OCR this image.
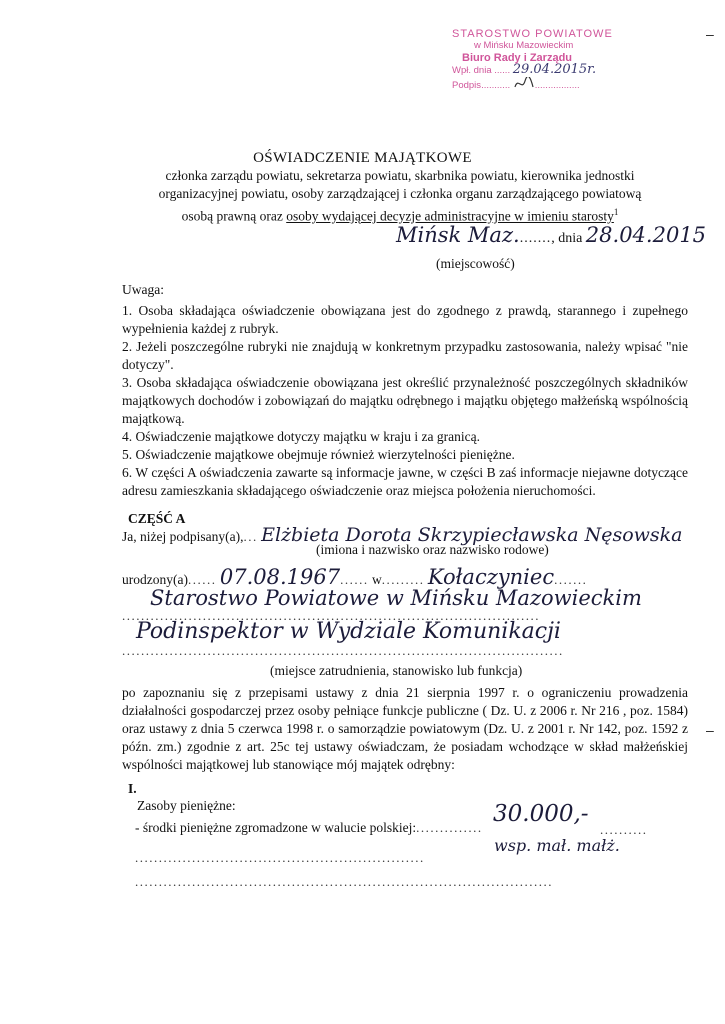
STAROSTWO POWIATOWE
w Mińsku Mazowieckim
Biuro Rady i Zarządu
Wpł. dnia ...... 29.04.2015r.
Podpis...........	.................
–
OŚWIADCZENIE MAJĄTKOWE
członka zarządu powiatu, sekretarza powiatu, skarbnika powiatu, kierownika jednostki
organizacyjnej powiatu, osoby zarządzającej i członka organu zarządzającego powiatową
osobą prawną oraz osoby wydającej decyzje administracyjne w imieniu starosty$^1$
Mińsk Maz........, dnia 28.04.2015
(miejscowość)

Uwaga:

1. Osoba składająca oświadczenie obowiązana jest do zgodnego z prawdą, starannego i zupełnego wypełnienia każdej z rubryk.

2. Jeżeli poszczególne rubryki nie znajdują w konkretnym przypadku zastosowania, należy wpisać "nie dotyczy".

3. Osoba składająca oświadczenie obowiązana jest określić przynależność poszczególnych składników majątkowych dochodów i zobowiązań do majątku odrębnego i majątku objętego małżeńską wspólnością majątkową.

4. Oświadczenie majątkowe dotyczy majątku w kraju i za granicą.

5. Oświadczenie majątkowe obejmuje również wierzytelności pieniężne.

6. W części A oświadczenia zawarte są informacje jawne, w części B zaś informacje niejawne dotyczące adresu zamieszkania składającego oświadczenie oraz miejsca położenia nieruchomości.

CZĘŚĆ A
Ja, niżej podpisany(a),... Elżbieta Dorota Skrzypiecławska Nęsowska
(imiona i nazwisko oraz nazwisko rodowe)
urodzony(a)...... 07.08.1967...... w......... Kołaczyniec.......
Starostwo Powiatowe w Mińsku Mazowieckim
........................................................................................
Podinspektor w Wydziale Komunikacji
.............................................................................................
(miejsce zatrudnienia, stanowisko lub funkcja)
po zapoznaniu się z przepisami ustawy z dnia 21 sierpnia 1997 r. o ograniczeniu prowadzenia działalności gospodarczej przez osoby pełniące funkcje publiczne ( Dz. U. z 2006 r. Nr 216 , poz. 1584) oraz ustawy z dnia 5 czerwca 1998 r. o samorządzie powiatowym (Dz. U. z 2001 r. Nr 142, poz. 1592 z późn. zm.) zgodnie z art. 25c tej ustawy oświadczam, że posiadam wchodzące w skład małżeńskiej wspólności majątkowej lub stanowiące mój majątek odrębny:
–
I.
Zasoby pieniężne:
- środki pieniężne zgromadzone w walucie polskiej:..............
30.000,-
..........
.............................................................
wsp. mał. małż.
........................................................................................
